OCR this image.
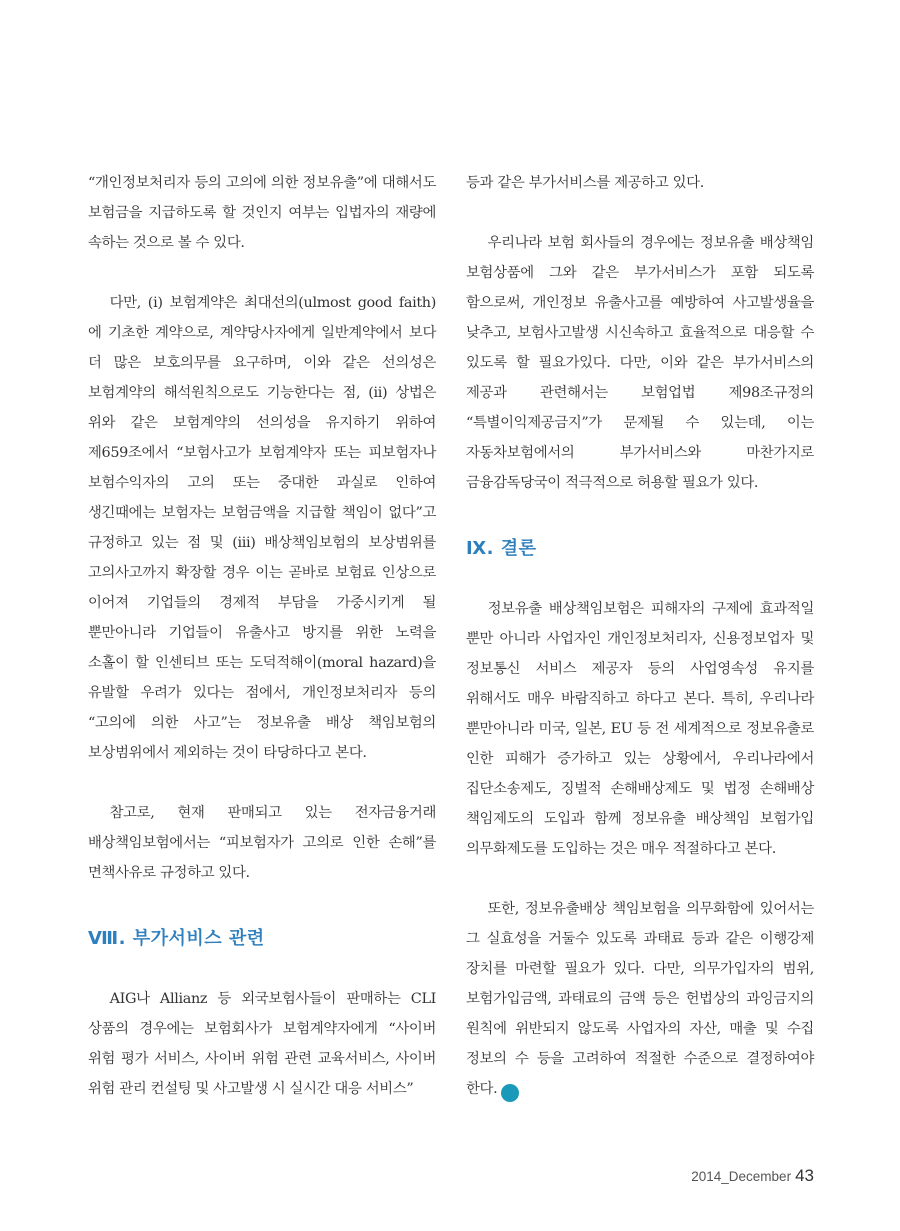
“개인정보처리자 등의 고의에 의한 정보유출”에 대해서도 보험금을 지급하도록 할 것인지 여부는 입법자의 재량에 속하는 것으로 볼 수 있다.

다만, (i) 보험계약은 최대선의(ulmost good faith)에 기초한 계약으로, 계약당사자에게 일반계약에서 보다 더 많은 보호의무를 요구하며, 이와 같은 선의성은 보험계약의 해석원칙으로도 기능한다는 점, (ii) 상법은 위와 같은 보험계약의 선의성을 유지하기 위하여 제659조에서 “보험사고가 보험계약자 또는 피보험자나 보험수익자의 고의 또는 중대한 과실로 인하여 생긴때에는 보험자는 보험금액을 지급할 책임이 없다”고 규정하고 있는 점 및 (iii) 배상책임보험의 보상범위를 고의사고까지 확장할 경우 이는 곧바로 보험료 인상으로 이어져 기업들의 경제적 부담을 가중시키게 될 뿐만아니라 기업들이 유출사고 방지를 위한 노력을 소홀이 할 인센티브 또는 도덕적해이(moral hazard)을 유발할 우려가 있다는 점에서, 개인정보처리자 등의 “고의에 의한 사고”는 정보유출 배상 책임보험의 보상범위에서 제외하는 것이 타당하다고 본다.

참고로, 현재 판매되고 있는 전자금융거래 배상책임보험에서는 “피보험자가 고의로 인한 손해”를 면책사유로 규정하고 있다.

Ⅷ. 부가서비스 관련

AIG나 Allianz 등 외국보험사들이 판매하는 CLI 상품의 경우에는 보험회사가 보험계약자에게 “사이버 위험 평가 서비스, 사이버 위험 관련 교육서비스, 사이버 위험 관리 컨설팅 및 사고발생 시 실시간 대응 서비스”

등과 같은 부가서비스를 제공하고 있다.

우리나라 보험 회사들의 경우에는 정보유출 배상책임 보험상품에 그와 같은 부가서비스가 포함 되도록 함으로써, 개인정보 유출사고를 예방하여 사고발생율을 낮추고, 보험사고발생 시신속하고 효율적으로 대응할 수 있도록 할 필요가있다. 다만, 이와 같은 부가서비스의 제공과 관련해서는 보험업법 제98조규정의 “특별이익제공금지”가 문제될 수 있는데, 이는 자동차보험에서의 부가서비스와 마찬가지로 금융감독당국이 적극적으로 허용할 필요가 있다.

Ⅸ. 결론

정보유출 배상책임보험은 피해자의 구제에 효과적일 뿐만 아니라 사업자인 개인정보처리자, 신용정보업자 및 정보통신 서비스 제공자 등의 사업영속성 유지를 위해서도 매우 바람직하고 하다고 본다. 특히, 우리나라 뿐만아니라 미국, 일본, EU 등 전 세계적으로 정보유출로 인한 피해가 증가하고 있는 상황에서, 우리나라에서 집단소송제도, 징벌적 손해배상제도 및 법정 손해배상 책임제도의 도입과 함께 정보유출 배상책임 보험가입 의무화제도를 도입하는 것은 매우 적절하다고 본다.

또한, 정보유출배상 책임보험을 의무화함에 있어서는 그 실효성을 거둘수 있도록 과태료 등과 같은 이행강제 장치를 마련할 필요가 있다. 다만, 의무가입자의 범위, 보험가입금액, 과태료의 금액 등은 헌법상의 과잉금지의 원칙에 위반되지 않도록 사업자의 자산, 매출 및 수집 정보의 수 등을 고려하여 적절한 수준으로 결정하여야 한다. ㅍ

2014_December 43
